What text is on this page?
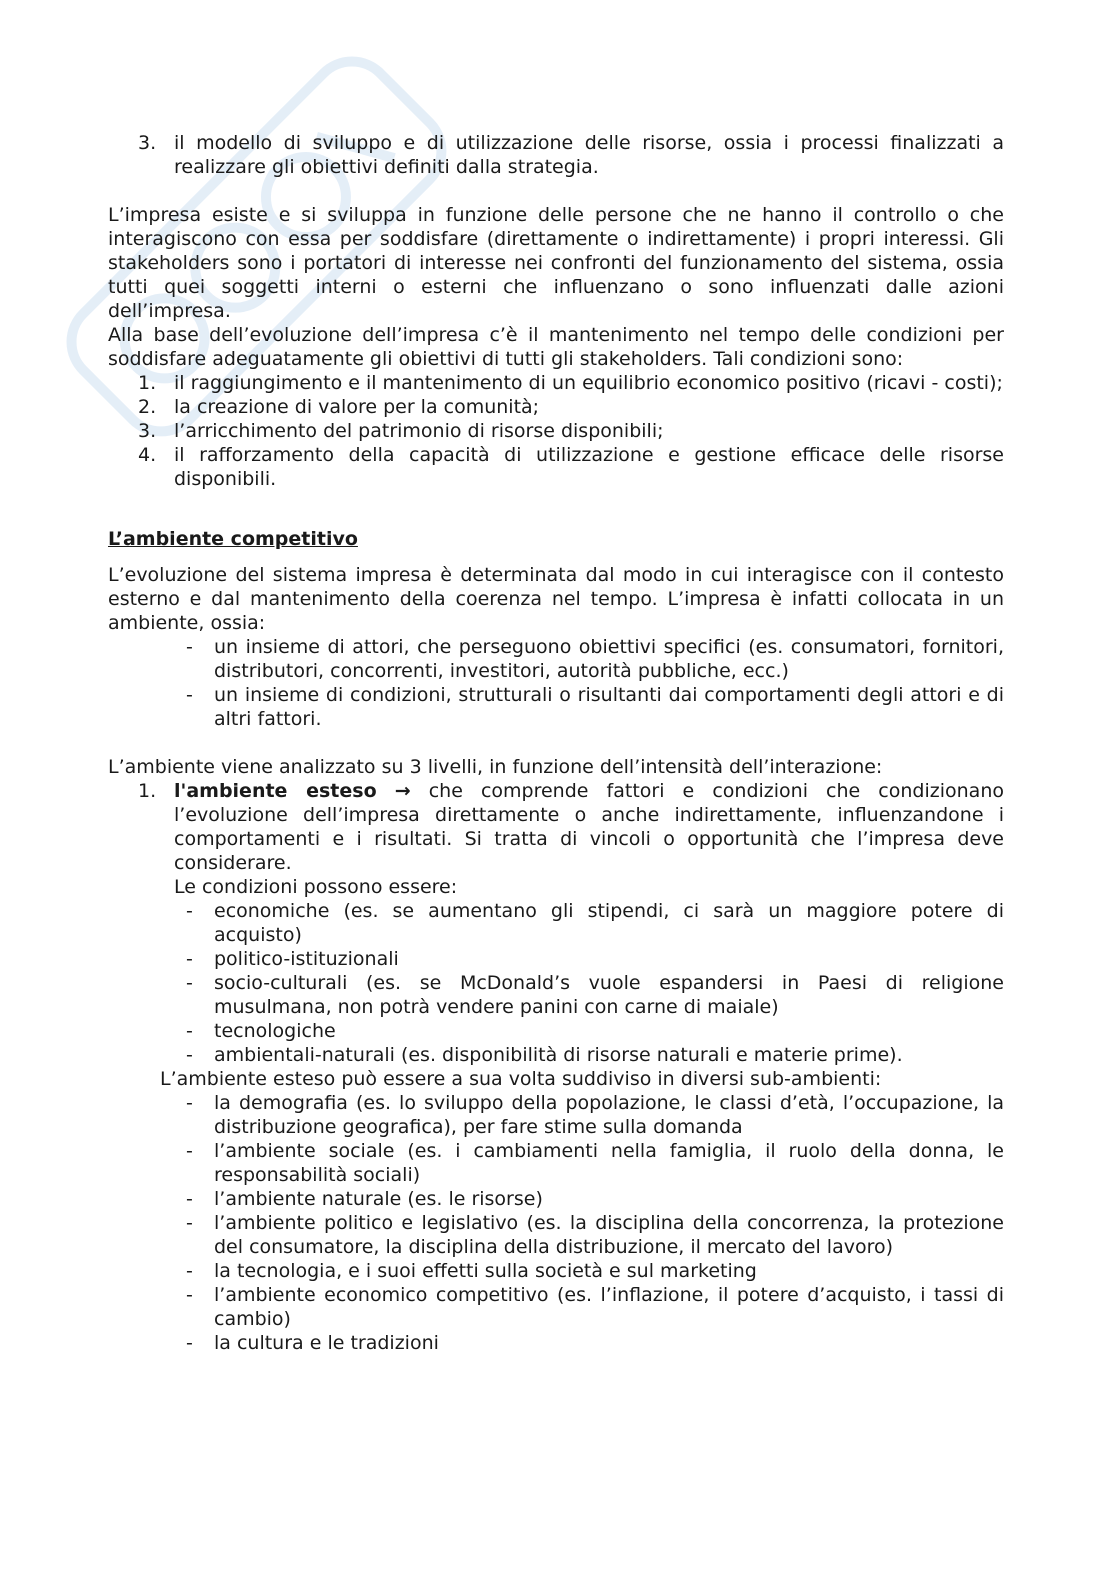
3. il modello di sviluppo e di utilizzazione delle risorse, ossia i processi finalizzati a realizzare gli obiettivi definiti dalla strategia.

L’impresa esiste e si sviluppa in funzione delle persone che ne hanno il controllo o che interagiscono con essa per soddisfare (direttamente o indirettamente) i propri interessi. Gli stakeholders sono i portatori di interesse nei confronti del funzionamento del sistema, ossia tutti quei soggetti interni o esterni che influenzano o sono influenzati dalle azioni dell’impresa.

Alla base dell’evoluzione dell’impresa c’è il mantenimento nel tempo delle condizioni per soddisfare adeguatamente gli obiettivi di tutti gli stakeholders. Tali condizioni sono:

1. il raggiungimento e il mantenimento di un equilibrio economico positivo (ricavi - costi);
2. la creazione di valore per la comunità;
3. l’arricchimento del patrimonio di risorse disponibili;
4. il rafforzamento della capacità di utilizzazione e gestione efficace delle risorse disponibili.
L’ambiente competitivo

L’evoluzione del sistema impresa è determinata dal modo in cui interagisce con il contesto esterno e dal mantenimento della coerenza nel tempo. L’impresa è infatti collocata in un ambiente, ossia:

- un insieme di attori, che perseguono obiettivi specifici (es. consumatori, fornitori, distributori, concorrenti, investitori, autorità pubbliche, ecc.)
- un insieme di condizioni, strutturali o risultanti dai comportamenti degli attori e di altri fattori.

L’ambiente viene analizzato su 3 livelli, in funzione dell’intensità dell’interazione:

1. l'ambiente esteso → che comprende fattori e condizioni che condizionano l’evoluzione dell’impresa direttamente o anche indirettamente, influenzandone i comportamenti e i risultati. Si tratta di vincoli o opportunità che l’impresa deve considerare.
Le condizioni possono essere:
- economiche (es. se aumentano gli stipendi, ci sarà un maggiore potere di acquisto)
- politico-istituzionali
- socio-culturali (es. se McDonald’s vuole espandersi in Paesi di religione musulmana, non potrà vendere panini con carne di maiale)
- tecnologiche
- ambientali-naturali (es. disponibilità di risorse naturali e materie prime).
L’ambiente esteso può essere a sua volta suddiviso in diversi sub-ambienti:
- la demografia (es. lo sviluppo della popolazione, le classi d’età, l’occupazione, la distribuzione geografica), per fare stime sulla domanda
- l’ambiente sociale (es. i cambiamenti nella famiglia, il ruolo della donna, le responsabilità sociali)
- l’ambiente naturale (es. le risorse)
- l’ambiente politico e legislativo (es. la disciplina della concorrenza, la protezione del consumatore, la disciplina della distribuzione, il mercato del lavoro)
- la tecnologia, e i suoi effetti sulla società e sul marketing
- l’ambiente economico competitivo (es. l’inflazione, il potere d’acquisto, i tassi di cambio)
- la cultura e le tradizioni
